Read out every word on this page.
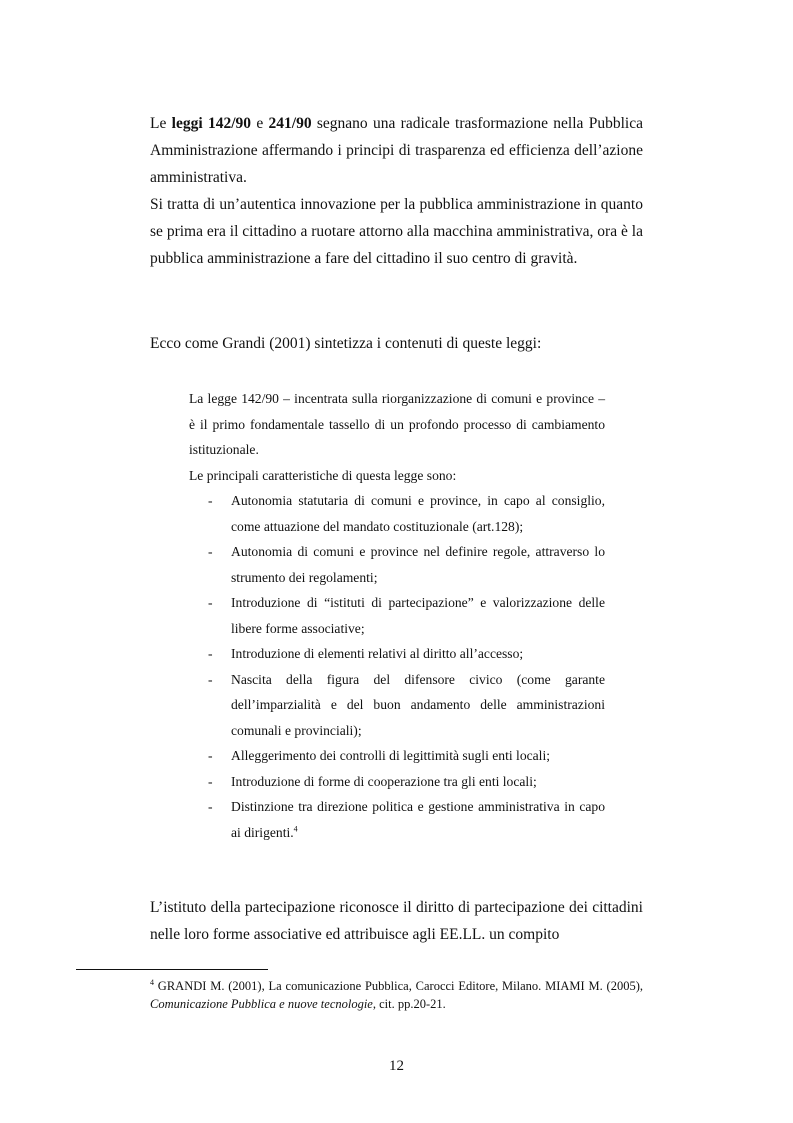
Le leggi 142/90 e 241/90 segnano una radicale trasformazione nella Pubblica Amministrazione affermando i principi di trasparenza ed efficienza dell’azione amministrativa.

Si tratta di un’autentica innovazione per la pubblica amministrazione in quanto se prima era il cittadino a ruotare attorno alla macchina amministrativa, ora è la pubblica amministrazione a fare del cittadino il suo centro di gravità.

Ecco come Grandi (2001) sintetizza i contenuti di queste leggi:

La legge 142/90 – incentrata sulla riorganizzazione di comuni e province – è il primo fondamentale tassello di un profondo processo di cambiamento istituzionale.

Le principali caratteristiche di questa legge sono:

- Autonomia statutaria di comuni e province, in capo al consiglio, come attuazione del mandato costituzionale (art.128);
- Autonomia di comuni e province nel definire regole, attraverso lo strumento dei regolamenti;
- Introduzione di “istituti di partecipazione” e valorizzazione delle libere forme associative;
- Introduzione di elementi relativi al diritto all’accesso;
- Nascita della figura del difensore civico (come garante dell’imparzialità e del buon andamento delle amministrazioni comunali e provinciali);
- Alleggerimento dei controlli di legittimità sugli enti locali;
- Introduzione di forme di cooperazione tra gli enti locali;
- Distinzione tra direzione politica e gestione amministrativa in capo ai dirigenti.$^4$

L’istituto della partecipazione riconosce il diritto di partecipazione dei cittadini nelle loro forme associative ed attribuisce agli EE.LL. un compito

$^4$ GRANDI M. (2001), La comunicazione Pubblica, Carocci Editore, Milano. MIAMI M. (2005), Comunicazione Pubblica e nuove tecnologie, cit. pp.20-21.
12
